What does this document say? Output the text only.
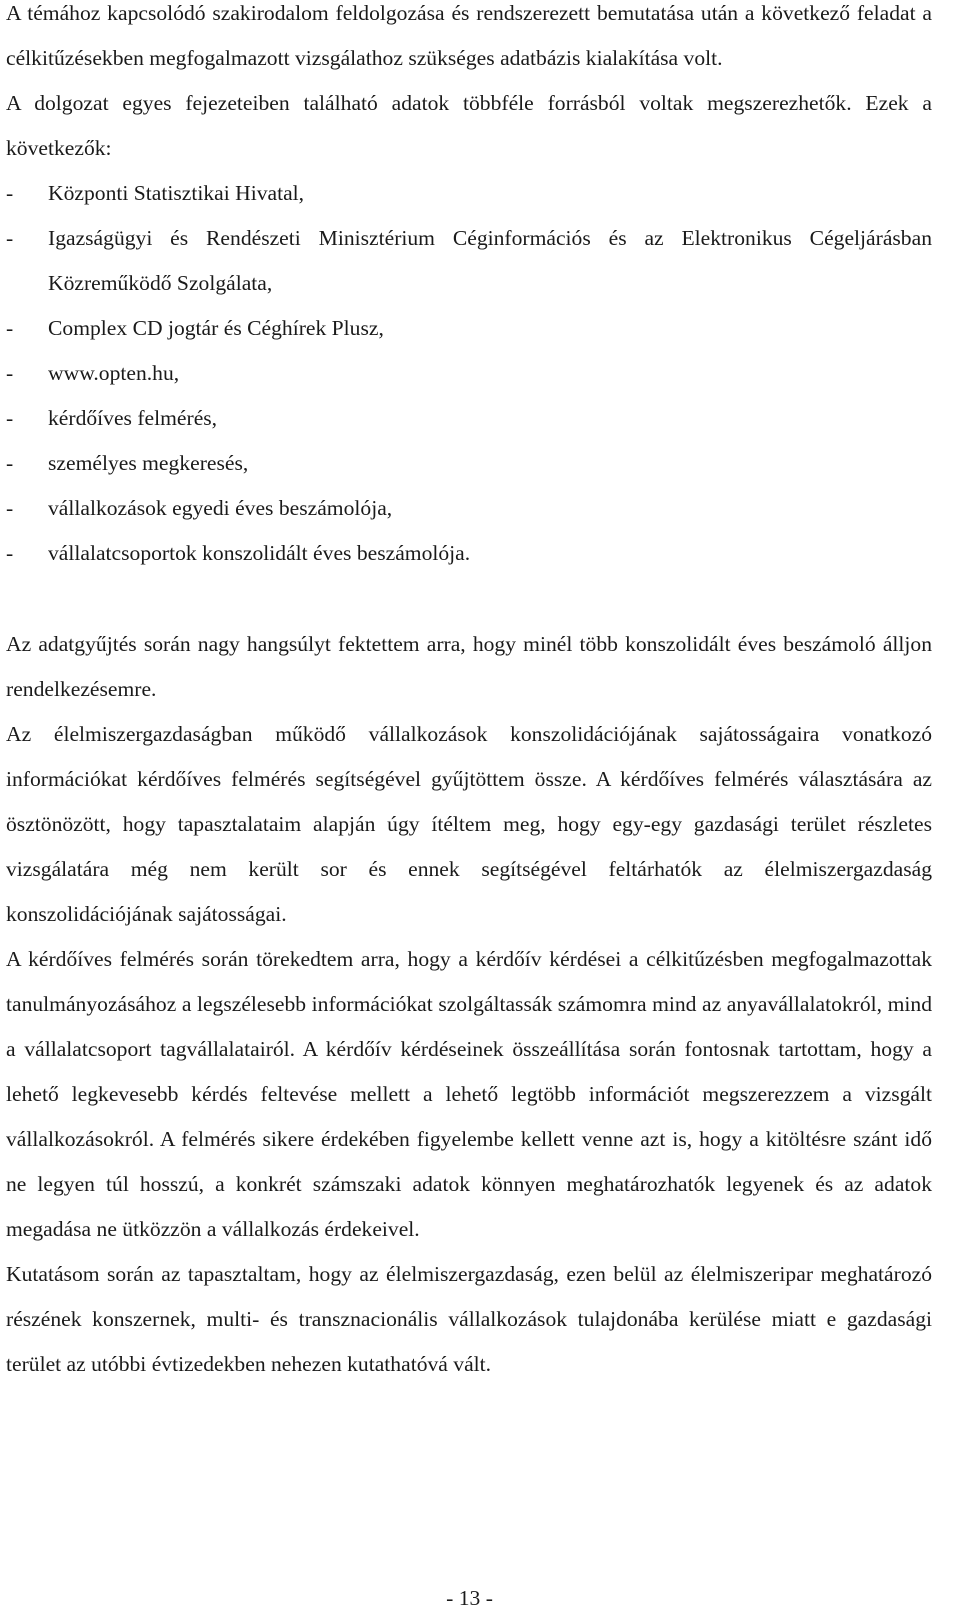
A témához kapcsolódó szakirodalom feldolgozása és rendszerezett bemutatása után a következő feladat a célkitűzésekben megfogalmazott vizsgálathoz szükséges adatbázis kialakítása volt.

A dolgozat egyes fejezeteiben található adatok többféle forrásból voltak megszerezhetők. Ezek a következők:

- Központi Statisztikai Hivatal,
- Igazságügyi és Rendészeti Minisztérium Céginformációs és az Elektronikus Cégeljárásban Közreműködő Szolgálata,
- Complex CD jogtár és Céghírek Plusz,
- www.opten.hu,
- kérdőíves felmérés,
- személyes megkeresés,
- vállalkozások egyedi éves beszámolója,
- vállalatcsoportok konszolidált éves beszámolója.

Az adatgyűjtés során nagy hangsúlyt fektettem arra, hogy minél több konszolidált éves beszámoló álljon rendelkezésemre.

Az élelmiszergazdaságban működő vállalkozások konszolidációjának sajátosságaira vonatkozó információkat kérdőíves felmérés segítségével gyűjtöttem össze. A kérdőíves felmérés választására az ösztönözött, hogy tapasztalataim alapján úgy ítéltem meg, hogy egy-egy gazdasági terület részletes vizsgálatára még nem került sor és ennek segítségével feltárhatók az élelmiszergazdaság konszolidációjának sajátosságai.

A kérdőíves felmérés során törekedtem arra, hogy a kérdőív kérdései a célkitűzésben megfogalmazottak tanulmányozásához a legszélesebb információkat szolgáltassák számomra mind az anyavállalatokról, mind a vállalatcsoport tagvállalatairól. A kérdőív kérdéseinek összeállítása során fontosnak tartottam, hogy a lehető legkevesebb kérdés feltevése mellett a lehető legtöbb információt megszerezzem a vizsgált vállalkozásokról. A felmérés sikere érdekében figyelembe kellett venne azt is, hogy a kitöltésre szánt idő ne legyen túl hosszú, a konkrét számszaki adatok könnyen meghatározhatók legyenek és az adatok megadása ne ütközzön a vállalkozás érdekeivel.

Kutatásom során az tapasztaltam, hogy az élelmiszergazdaság, ezen belül az élelmiszeripar meghatározó részének konszernek, multi- és transznacionális vállalkozások tulajdonába kerülése miatt e gazdasági terület az utóbbi évtizedekben nehezen kutathatóvá vált.

- 13 -
